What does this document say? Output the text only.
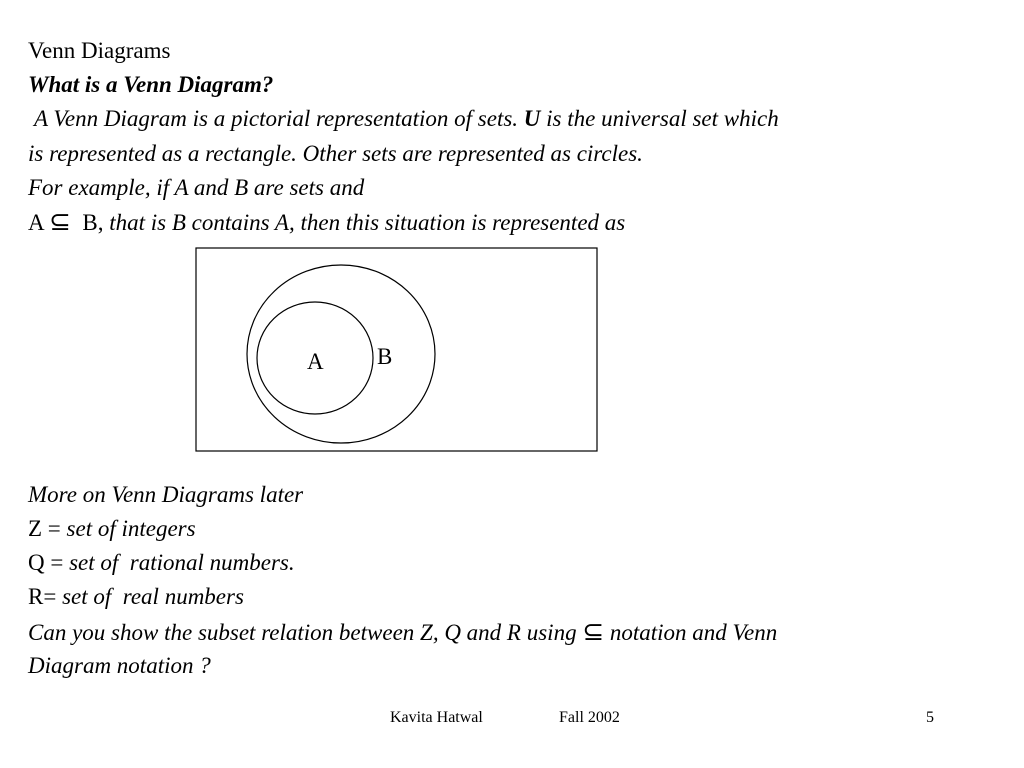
Venn Diagrams
What is a Venn Diagram?
A Venn Diagram is a pictorial representation of sets. U is the universal set which
is represented as a rectangle. Other sets are represented as circles.
For example, if A and B are sets and
A ⊆  B, that is B contains A, then this situation is represented as
A B
More on Venn Diagrams later
Z = set of integers
Q = set of  rational numbers.
R= set of  real numbers
Can you show the subset relation between Z, Q and R using ⊆ notation and Venn
Diagram notation ?
Kavita Hatwal	Fall 2002	5
